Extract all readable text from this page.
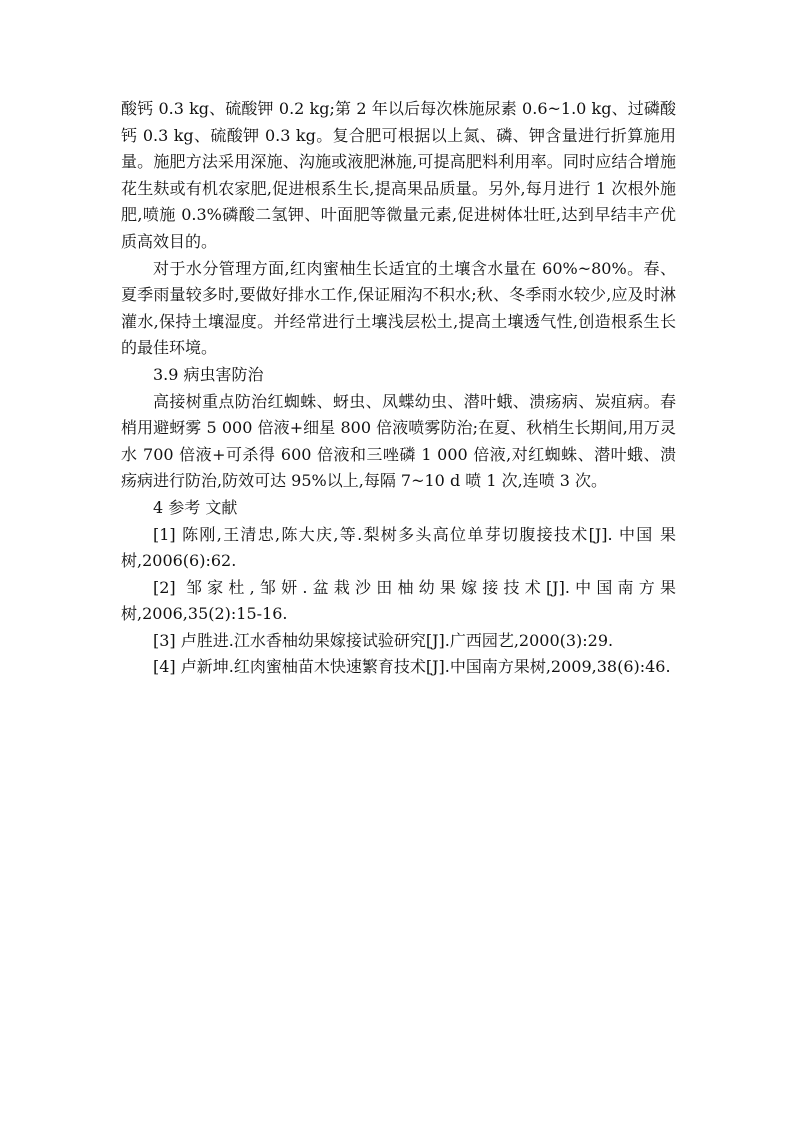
酸钙 0.3 kg、硫酸钾 0.2 kg;第 2 年以后每次株施尿素 0.6~1.0 kg、过磷酸钙 0.3 kg、硫酸钾 0.3 kg。复合肥可根据以上氮、磷、钾含量进行折算施用量。施肥方法采用深施、沟施或液肥淋施,可提高肥料利用率。同时应结合增施花生麸或有机农家肥,促进根系生长,提高果品质量。另外,每月进行 1 次根外施肥,喷施 0.3%磷酸二氢钾、叶面肥等微量元素,促进树体壮旺,达到早结丰产优质高效目的。

对于水分管理方面,红肉蜜柚生长适宜的土壤含水量在 60%~80%。春、夏季雨量较多时,要做好排水工作,保证厢沟不积水;秋、冬季雨水较少,应及时淋灌水,保持土壤湿度。并经常进行土壤浅层松土,提高土壤透气性,创造根系生长的最佳环境。

3.9 病虫害防治

高接树重点防治红蜘蛛、蚜虫、凤蝶幼虫、潜叶蛾、溃疡病、炭疽病。春梢用避蚜雾 5 000 倍液+细星 800 倍液喷雾防治;在夏、秋梢生长期间,用万灵水 700 倍液+可杀得 600 倍液和三唑磷 1 000 倍液,对红蜘蛛、潜叶蛾、溃疡病进行防治,防效可达 95%以上,每隔 7~10 d 喷 1 次,连喷 3 次。

4 参考 文献

[1] 陈刚,王清忠,陈大庆,等.梨树多头高位单芽切腹接技术[J]. 中国 果树,2006(6):62.

[2] 邹家杜,邹妍.盆栽沙田柚幼果嫁接技术[J].中国南方果树,2006,35(2):15-16.

[3] 卢胜进.江水香柚幼果嫁接试验研究[J].广西园艺,2000(3):29.

[4] 卢新坤.红肉蜜柚苗木快速繁育技术[J].中国南方果树,2009,38(6):46.
